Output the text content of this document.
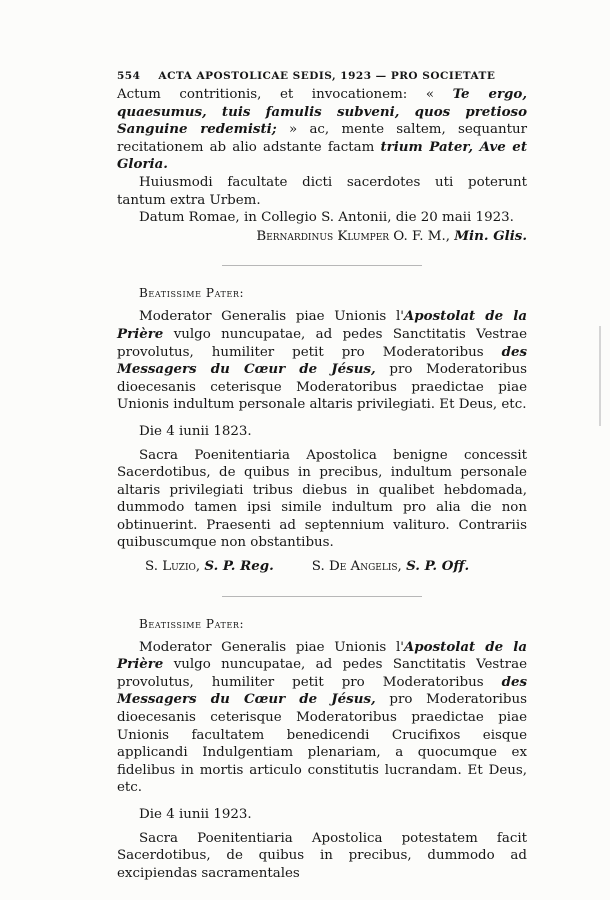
554 ACTA APOSTOLICAE SEDIS, 1923 — PRO SOCIETATE

Actum contritionis, et invocationem: « Te ergo, quaesumus, tuis famulis subveni, quos pretioso Sanguine redemisti; » ac, mente saltem, sequantur recitationem ab alio adstante factam trium Pater, Ave et Gloria.

Huiusmodi facultate dicti sacerdotes uti poterunt tantum extra Urbem.

Datum Romae, in Collegio S. Antonii, die 20 maii 1923.

Bernardinus Klumper O. F. M., Min. Glis.
Beatissime Pater:

Moderator Generalis piae Unionis l'Apostolat de la Prière vulgo nuncupatae, ad pedes Sanctitatis Vestrae provolutus, humiliter petit pro Moderatoribus des Messagers du Cœur de Jésus, pro Moderatoribus dioecesanis ceterisque Moderatoribus praedictae piae Unionis indultum personale altaris privilegiati. Et Deus, etc.

Die 4 iunii 1823.

Sacra Poenitentiaria Apostolica benigne concessit Sacerdotibus, de quibus in precibus, indultum personale altaris privilegiati tribus diebus in qualibet hebdomada, dummodo tamen ipsi simile indultum pro alia die non obtinuerint. Praesenti ad septennium valituro. Contrariis quibuscumque non obstantibus.

S. Luzio, S. P. Reg.	S. De Angelis, S. P. Off.
Beatissime Pater:

Moderator Generalis piae Unionis l'Apostolat de la Prière vulgo nuncupatae, ad pedes Sanctitatis Vestrae provolutus, humiliter petit pro Moderatoribus des Messagers du Cœur de Jésus, pro Moderatoribus dioecesanis ceterisque Moderatoribus praedictae piae Unionis facultatem benedicendi Crucifixos eisque applicandi Indulgentiam plenariam, a quocumque ex fidelibus in mortis articulo constitutis lucrandam. Et Deus, etc.

Die 4 iunii 1923.

Sacra Poenitentiaria Apostolica potestatem facit Sacerdotibus, de quibus in precibus, dummodo ad excipiendas sacramentales
